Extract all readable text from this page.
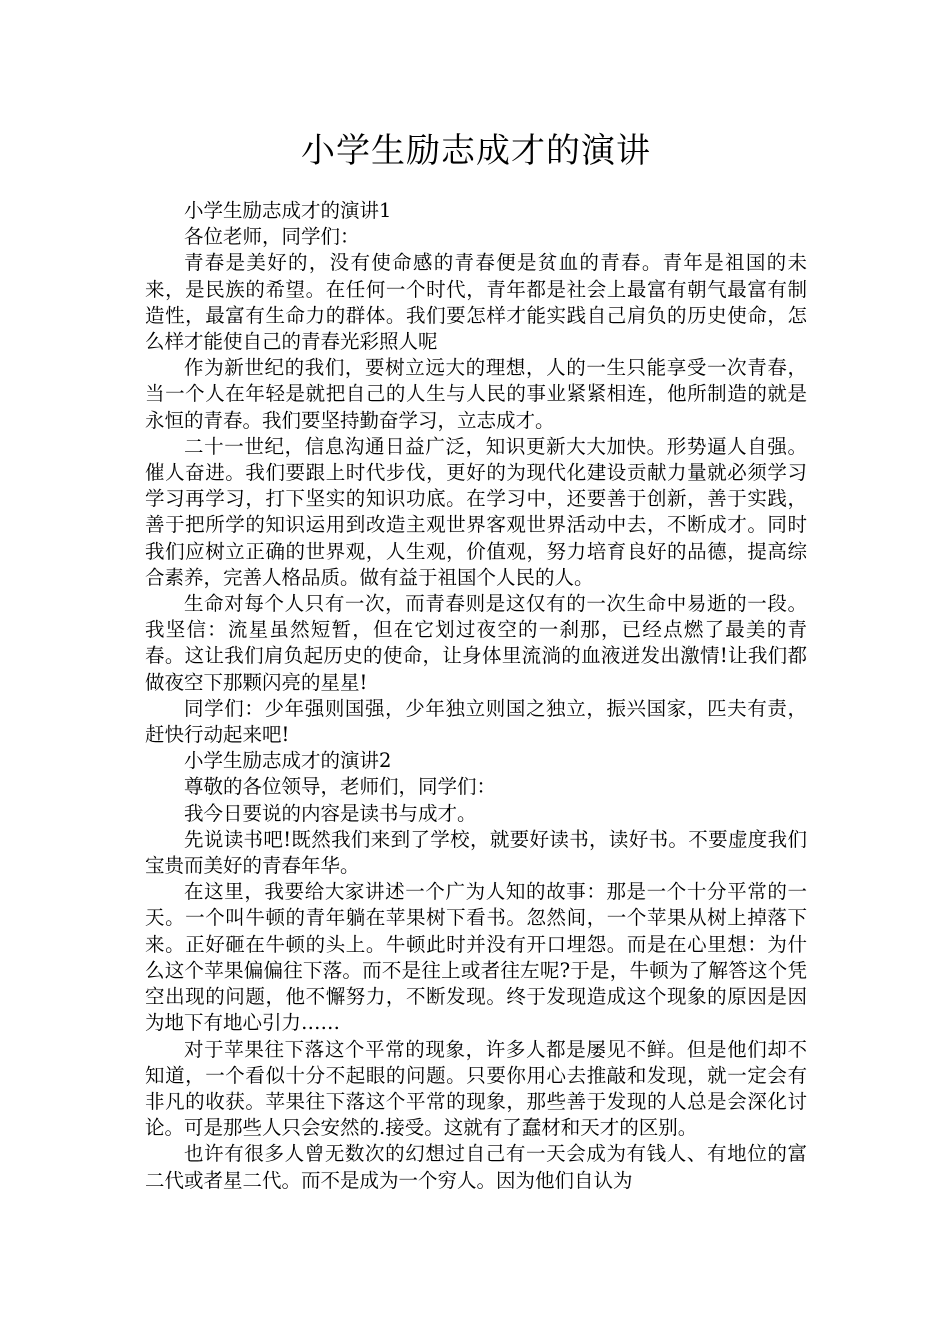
小学生励志成才的演讲

小学生励志成才的演讲1

各位老师，同学们：

青春是美好的，没有使命感的青春便是贫血的青春。青年是祖国的未来，是民族的希望。在任何一个时代，青年都是社会上最富有朝气最富有制造性，最富有生命力的群体。我们要怎样才能实践自己肩负的历史使命，怎么样才能使自己的青春光彩照人呢

作为新世纪的我们，要树立远大的理想，人的一生只能享受一次青春，当一个人在年轻是就把自己的人生与人民的事业紧紧相连，他所制造的就是永恒的青春。我们要坚持勤奋学习，立志成才。

二十一世纪，信息沟通日益广泛，知识更新大大加快。形势逼人自强。催人奋进。我们要跟上时代步伐，更好的为现代化建设贡献力量就必须学习学习再学习，打下坚实的知识功底。在学习中，还要善于创新，善于实践，善于把所学的知识运用到改造主观世界客观世界活动中去，不断成才。同时我们应树立正确的世界观，人生观，价值观，努力培育良好的品德，提高综合素养，完善人格品质。做有益于祖国个人民的人。

生命对每个人只有一次，而青春则是这仅有的一次生命中易逝的一段。我坚信：流星虽然短暂，但在它划过夜空的一刹那，已经点燃了最美的青春。这让我们肩负起历史的使命，让身体里流淌的血液迸发出激情!让我们都做夜空下那颗闪亮的星星!

同学们：少年强则国强，少年独立则国之独立，振兴国家，匹夫有责，赶快行动起来吧!

小学生励志成才的演讲2

尊敬的各位领导，老师们，同学们：

我今日要说的内容是读书与成才。

先说读书吧!既然我们来到了学校，就要好读书，读好书。不要虚度我们宝贵而美好的青春年华。

在这里，我要给大家讲述一个广为人知的故事：那是一个十分平常的一天。一个叫牛顿的青年躺在苹果树下看书。忽然间，一个苹果从树上掉落下来。正好砸在牛顿的头上。牛顿此时并没有开口埋怨。而是在心里想：为什么这个苹果偏偏往下落。而不是往上或者往左呢?于是，牛顿为了解答这个凭空出现的问题，他不懈努力，不断发现。终于发现造成这个现象的原因是因为地下有地心引力……

对于苹果往下落这个平常的现象，许多人都是屡见不鲜。但是他们却不知道，一个看似十分不起眼的问题。只要你用心去推敲和发现，就一定会有非凡的收获。苹果往下落这个平常的现象，那些善于发现的人总是会深化讨论。可是那些人只会安然的.接受。这就有了蠢材和天才的区别。

也许有很多人曾无数次的幻想过自己有一天会成为有钱人、有地位的富二代或者星二代。而不是成为一个穷人。因为他们自认为
